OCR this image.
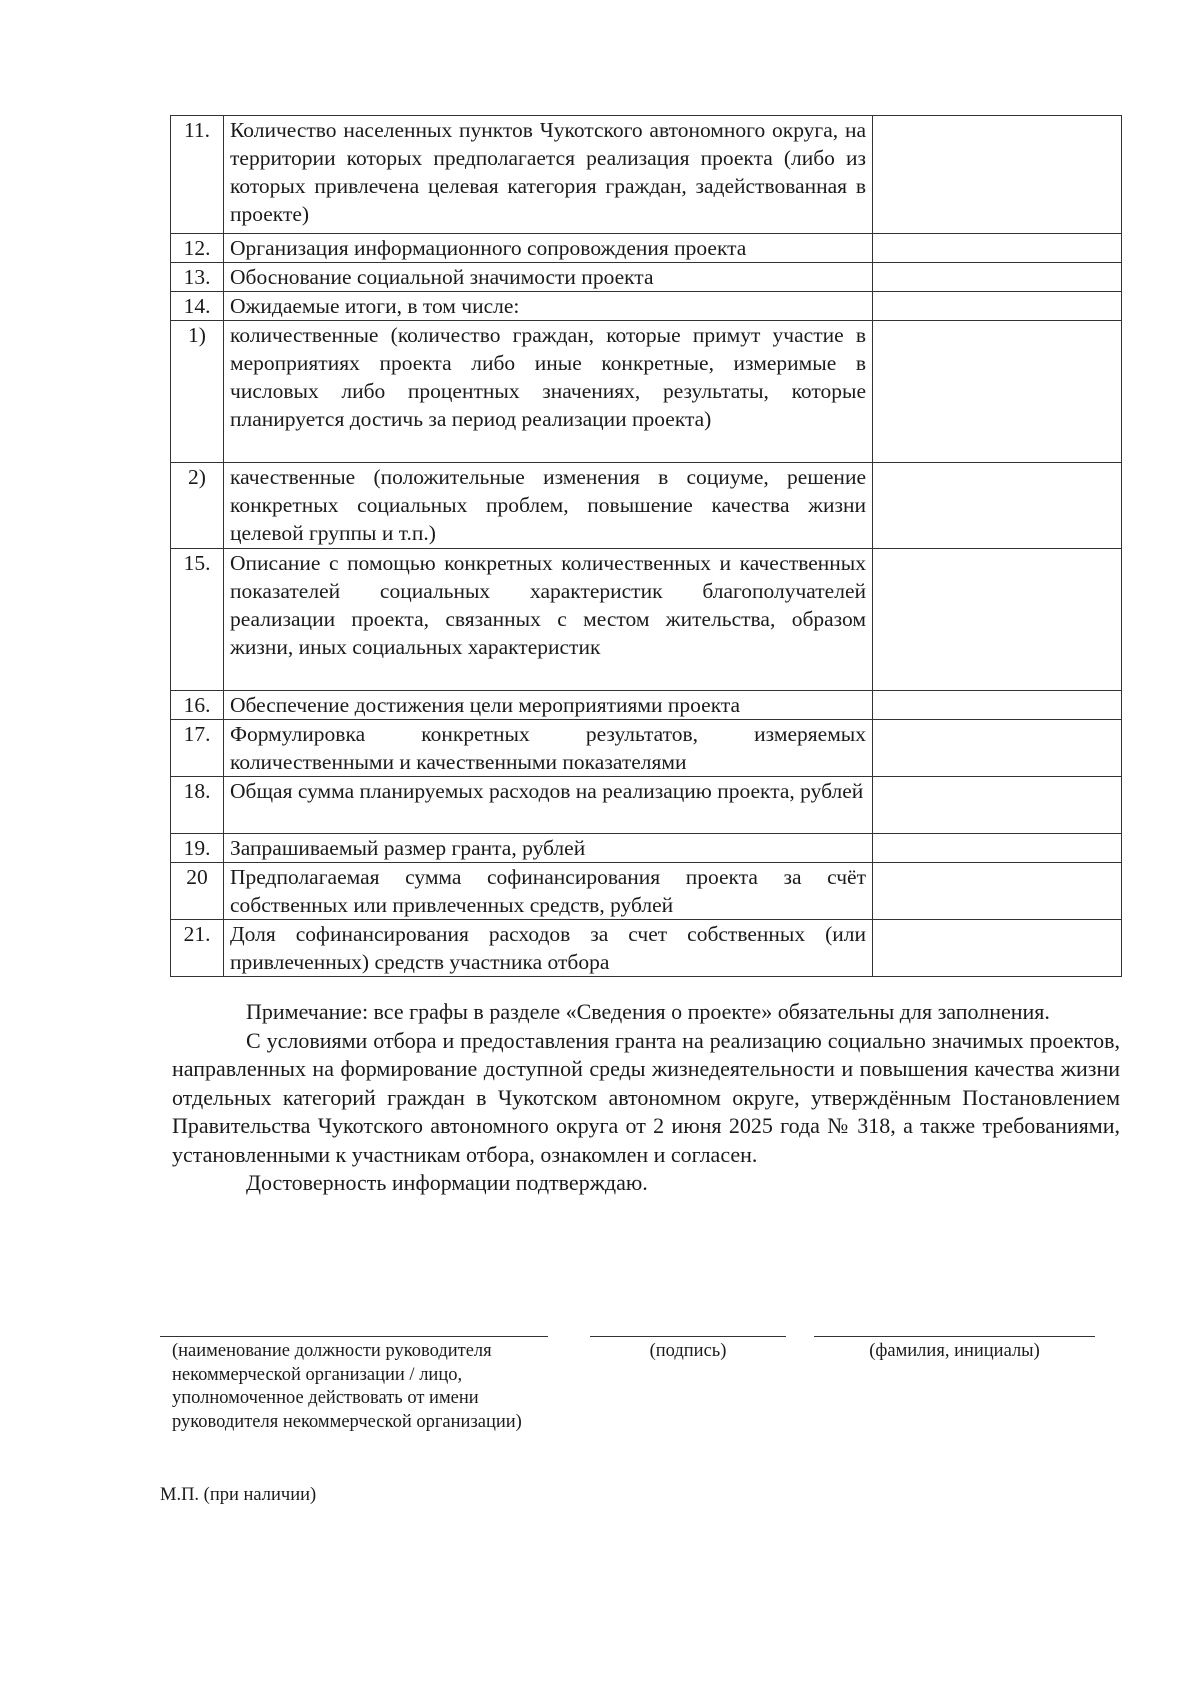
11.	Количество населенных пунктов Чукотского автономного округа, на территории которых предполагается реализация проекта (либо из которых привлечена целевая категория граждан, задействованная в проекте)	
12.	Организация информационного сопровождения проекта	
13.	Обоснование социальной значимости проекта	
14.	Ожидаемые итоги, в том числе:	
1)	количественные (количество граждан, которые примут участие в мероприятиях проекта либо иные конкретные, измеримые в числовых либо процентных значениях, результаты, которые планируется достичь за период реализации проекта)	
2)	качественные (положительные изменения в социуме, решение конкретных социальных проблем, повышение качества жизни целевой группы и т.п.)	
15.	Описание с помощью конкретных количественных и качественных показателей социальных характеристик благополучателей реализации проекта, связанных с местом жительства, образом жизни, иных социальных характеристик	
16.	Обеспечение достижения цели мероприятиями проекта	
17.	Формулировка конкретных результатов, измеряемых количественными и качественными показателями	
18.	Общая сумма планируемых расходов на реализацию проекта, рублей	
19.	Запрашиваемый размер гранта, рублей	
20	Предполагаемая сумма софинансирования проекта за счёт собственных или привлеченных средств, рублей	
21.	Доля софинансирования расходов за счет собственных (или привлеченных) средств участника отбора	

Примечание: все графы в разделе «Сведения о проекте» обязательны для заполнения.

С условиями отбора и предоставления гранта на реализацию социально значимых проектов, направленных на формирование доступной среды жизнедеятельности и повышения качества жизни отдельных категорий граждан в Чукотском автономном округе, утверждённым Постановлением Правительства Чукотского автономного округа от 2 июня 2025 года № 318, а также требованиями, установленными к участникам отбора, ознакомлен и согласен.

Достоверность информации подтверждаю.

(наименование должности руководителя некоммерческой организации / лицо, уполномоченное действовать от имени руководителя некоммерческой организации)
(подпись)	(фамилия, инициалы)
М.П. (при наличии)
